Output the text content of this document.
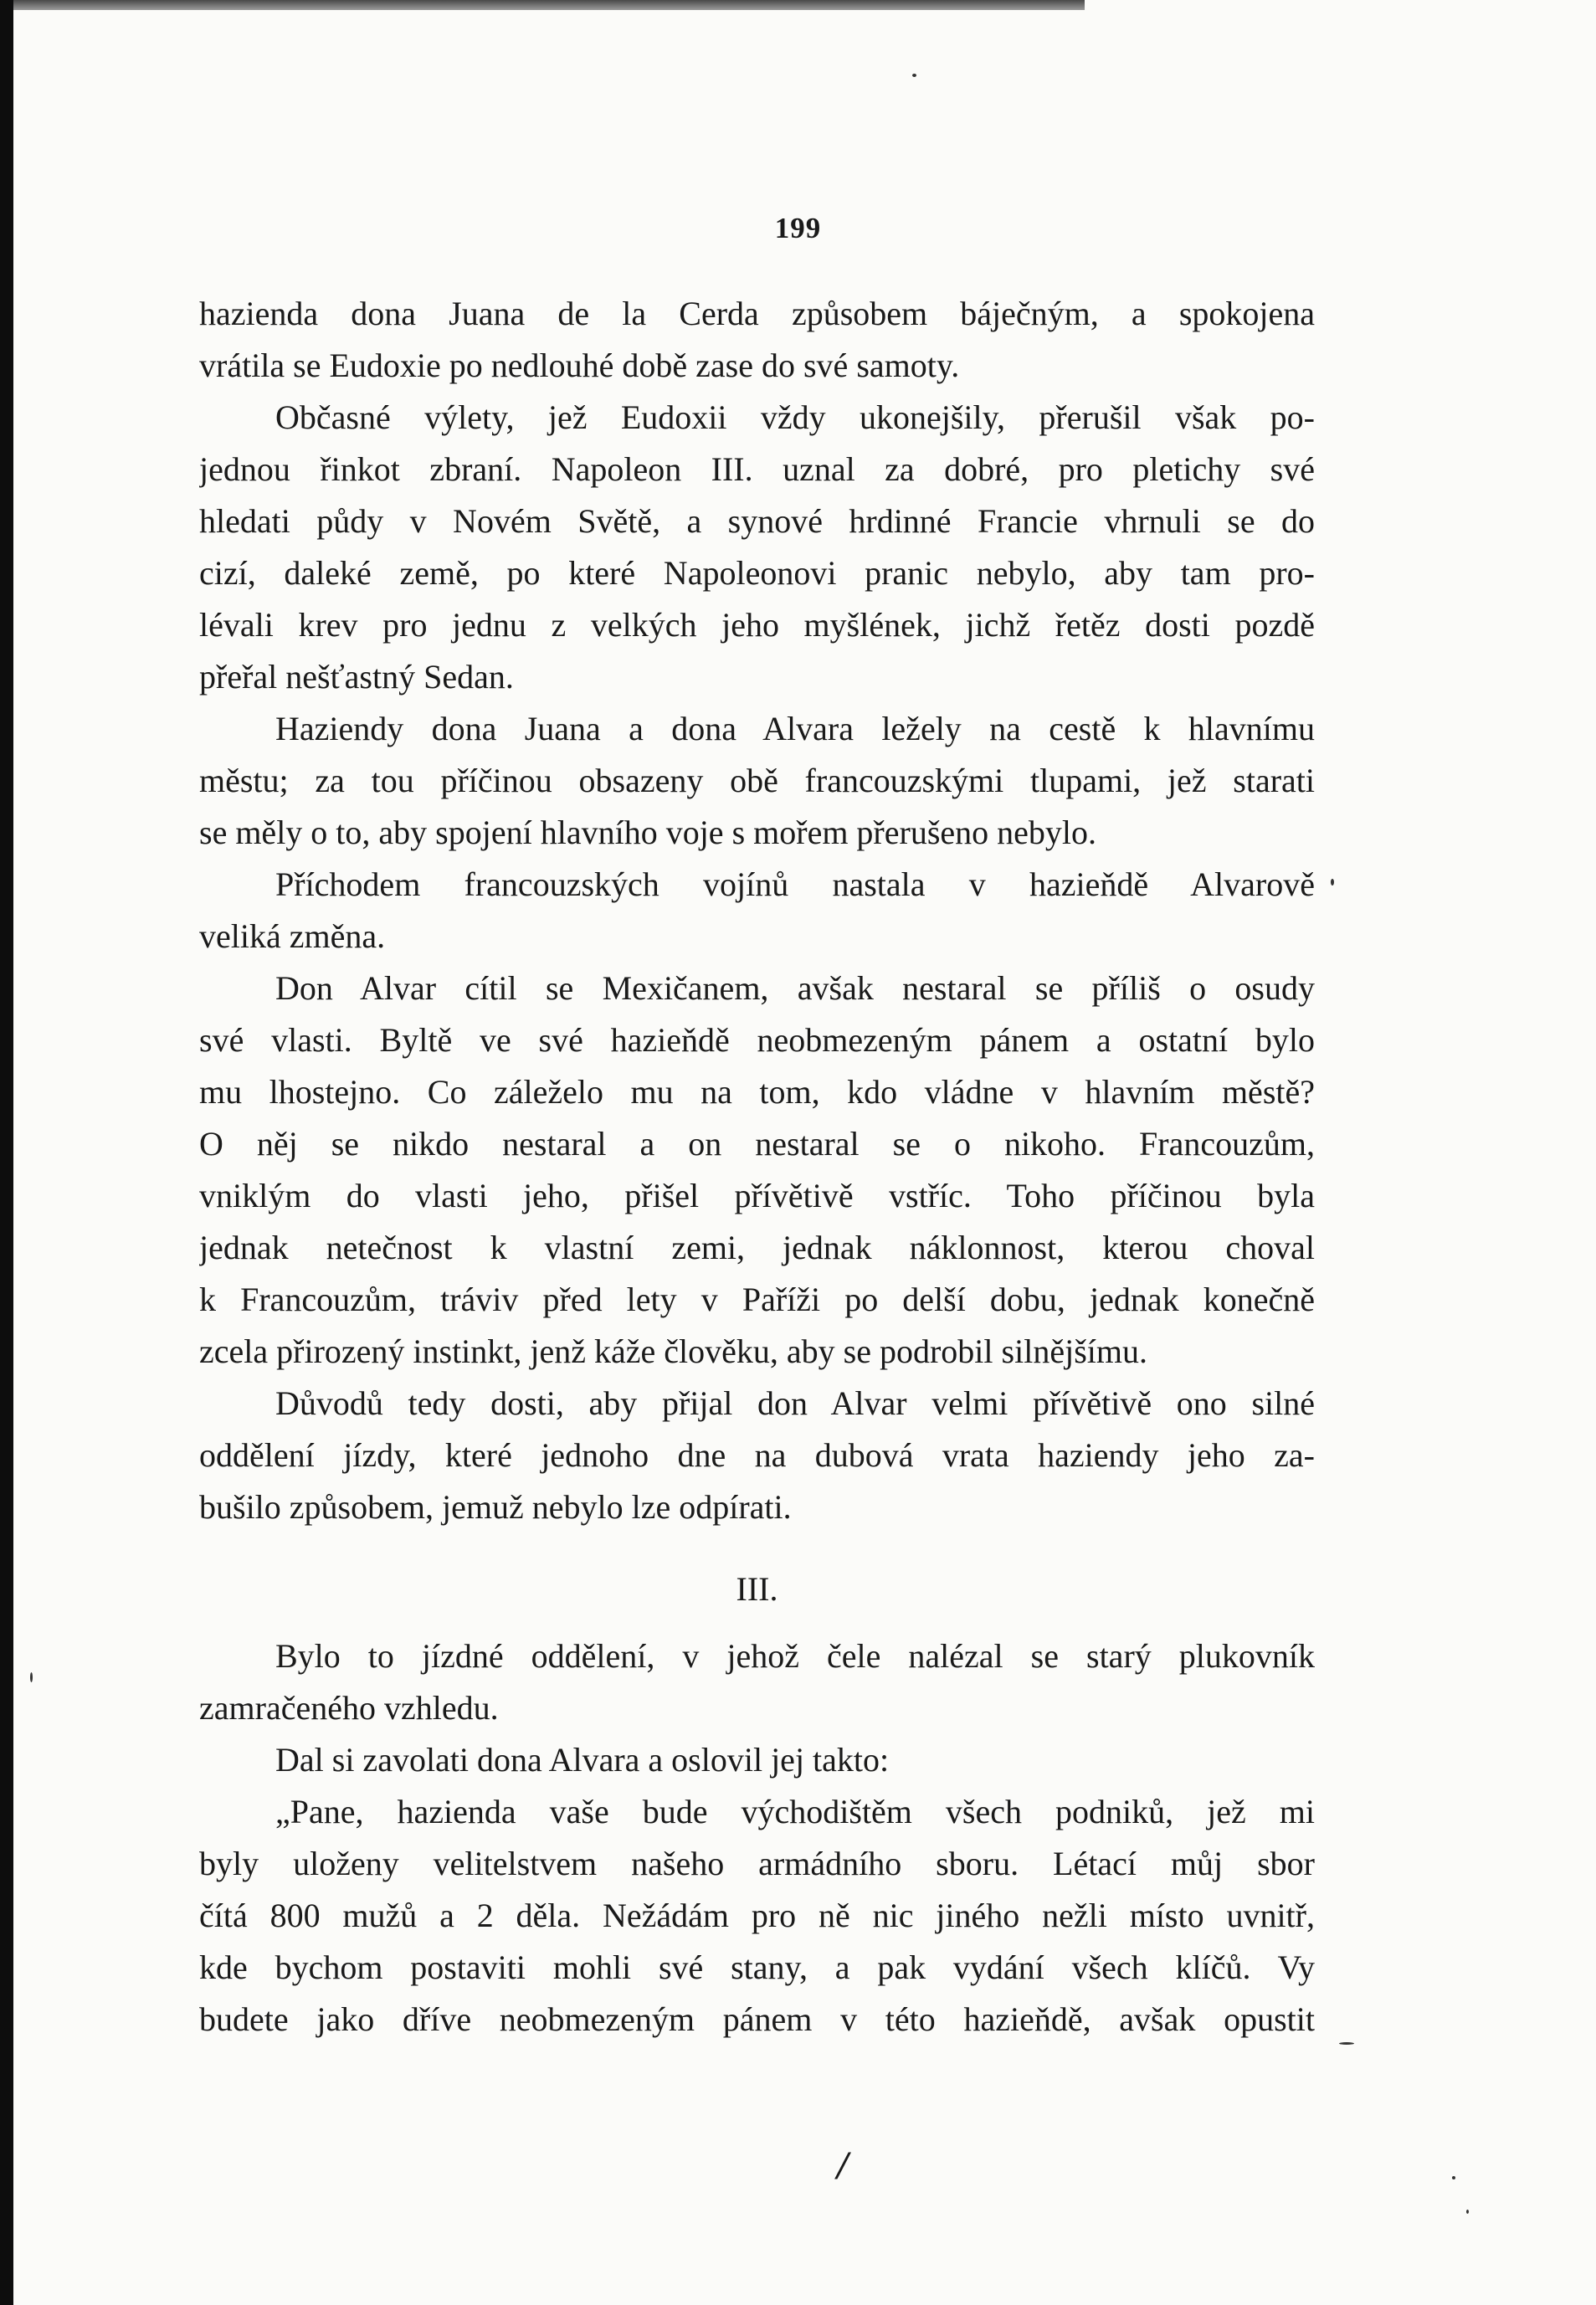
199
hazienda dona Juana de la Cerda způsobem báječným, a spokojena
vrátila se Eudoxie po nedlouhé době zase do své samoty.
Občasné výlety, jež Eudoxii vždy ukonejšily, přerušil však po-
jednou řinkot zbraní. Napoleon III. uznal za dobré, pro pletichy své
hledati půdy v Novém Světě, a synové hrdinné Francie vhrnuli se do
cizí, daleké země, po které Napoleonovi pranic nebylo, aby tam pro-
lévali krev pro jednu z velkých jeho myšlének, jichž řetěz dosti pozdě
přeřal nešťastný Sedan.
Haziendy dona Juana a dona Alvara ležely na cestě k hlavnímu
městu; za tou příčinou obsazeny obě francouzskými tlupami, jež starati
se měly o to, aby spojení hlavního voje s mořem přerušeno nebylo.
Příchodem francouzských vojínů nastala v hazieňdě Alvarově
veliká změna.
Don Alvar cítil se Mexičanem, avšak nestaral se příliš o osudy
své vlasti. Byltě ve své hazieňdě neobmezeným pánem a ostatní bylo
mu lhostejno. Co záleželo mu na tom, kdo vládne v hlavním městě?
O něj se nikdo nestaral a on nestaral se o nikoho. Francouzům,
vniklým do vlasti jeho, přišel přívětivě vstříc. Toho příčinou byla
jednak netečnost k vlastní zemi, jednak náklonnost, kterou choval
k Francouzům, tráviv před lety v Paříži po delší dobu, jednak konečně
zcela přirozený instinkt, jenž káže člověku, aby se podrobil silnějšímu.
Důvodů tedy dosti, aby přijal don Alvar velmi přívětivě ono silné
oddělení jízdy, které jednoho dne na dubová vrata haziendy jeho za-
bušilo způsobem, jemuž nebylo lze odpírati.
III.
Bylo to jízdné oddělení, v jehož čele nalézal se starý plukovník
zamračeného vzhledu.
Dal si zavolati dona Alvara a oslovil jej takto:
„Pane, hazienda vaše bude východištěm všech podniků, jež mi
byly uloženy velitelstvem našeho armádního sboru. Létací můj sbor
čítá 800 mužů a 2 děla. Nežádám pro ně nic jiného nežli místo uvnitř,
kde bychom postaviti mohli své stany, a pak vydání všech klíčů. Vy
budete jako dříve neobmezeným pánem v této hazieňdě, avšak opustit
/
